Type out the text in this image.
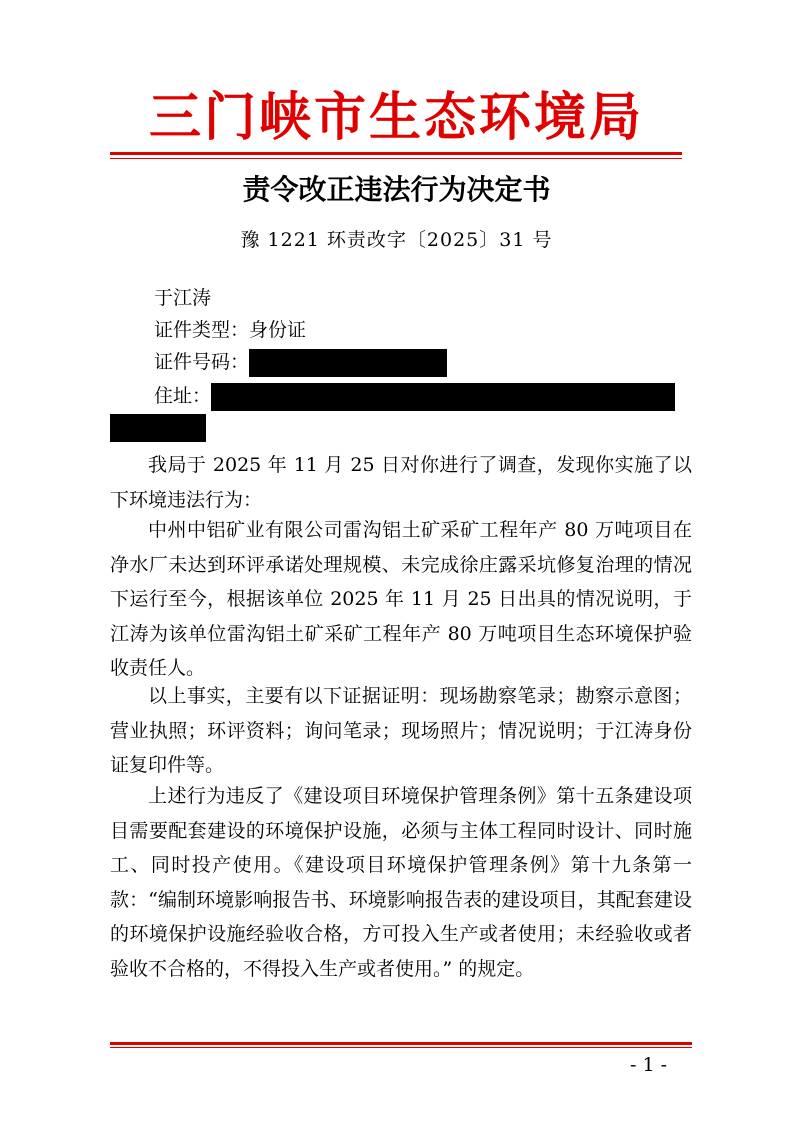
三门峡市生态环境局
责令改正违法行为决定书
豫 1221 环责改字〔2025〕31 号
于江涛
证件类型：身份证
证件号码：
住址：

我局于 2025 年 11 月 25 日对你进行了调查，发现你实施了以下环境违法行为：

中州中铝矿业有限公司雷沟铝土矿采矿工程年产 80 万吨项目在净水厂未达到环评承诺处理规模、未完成徐庄露采坑修复治理的情况下运行至今，根据该单位 2025 年 11 月 25 日出具的情况说明，于江涛为该单位雷沟铝土矿采矿工程年产 80 万吨项目生态环境保护验收责任人。

以上事实，主要有以下证据证明：现场勘察笔录；勘察示意图；营业执照；环评资料；询问笔录；现场照片；情况说明；于江涛身份证复印件等。

上述行为违反了《建设项目环境保护管理条例》第十五条建设项目需要配套建设的环境保护设施，必须与主体工程同时设计、同时施工、同时投产使用。《建设项目环境保护管理条例》第十九条第一款：“编制环境影响报告书、环境影响报告表的建设项目，其配套建设的环境保护设施经验收合格，方可投入生产或者使用；未经验收或者验收不合格的，不得投入生产或者使用。” 的规定。

- 1 -
